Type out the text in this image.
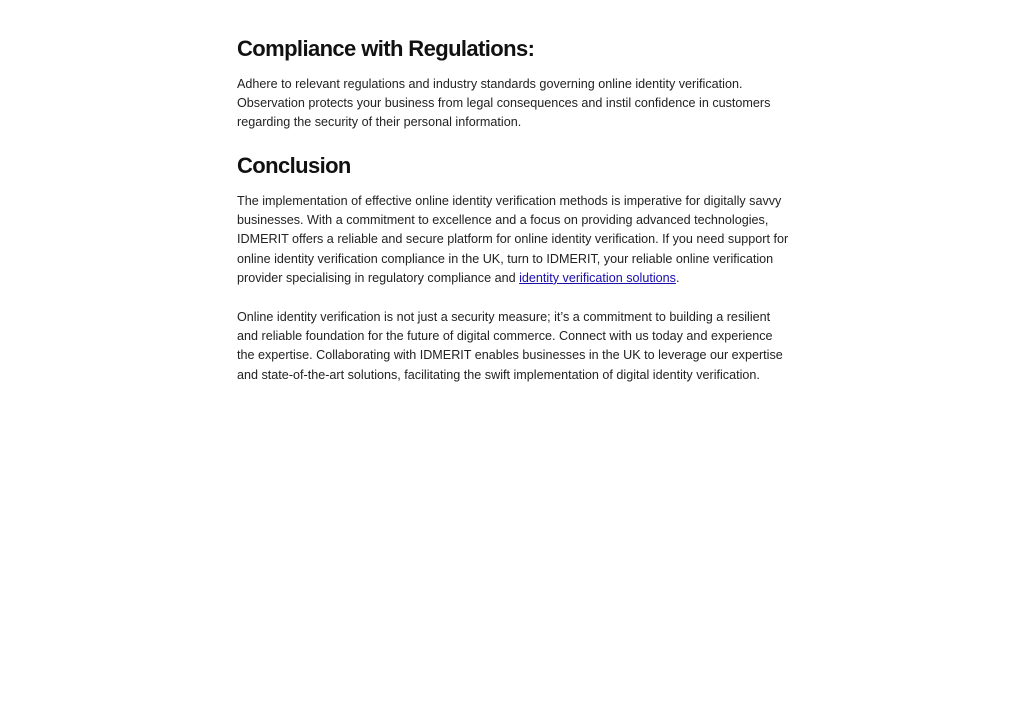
Compliance with Regulations:

Adhere to relevant regulations and industry standards governing online identity verification. Observation protects your business from legal consequences and instil confidence in customers regarding the security of their personal information.

Conclusion

The implementation of effective online identity verification methods is imperative for digitally savvy businesses. With a commitment to excellence and a focus on providing advanced technologies, IDMERIT offers a reliable and secure platform for online identity verification. If you need support for online identity verification compliance in the UK, turn to IDMERIT, your reliable online verification provider specialising in regulatory compliance and identity verification solutions.

Online identity verification is not just a security measure; it’s a commitment to building a resilient and reliable foundation for the future of digital commerce. Connect with us today and experience the expertise. Collaborating with IDMERIT enables businesses in the UK to leverage our expertise and state-of-the-art solutions, facilitating the swift implementation of digital identity verification.
